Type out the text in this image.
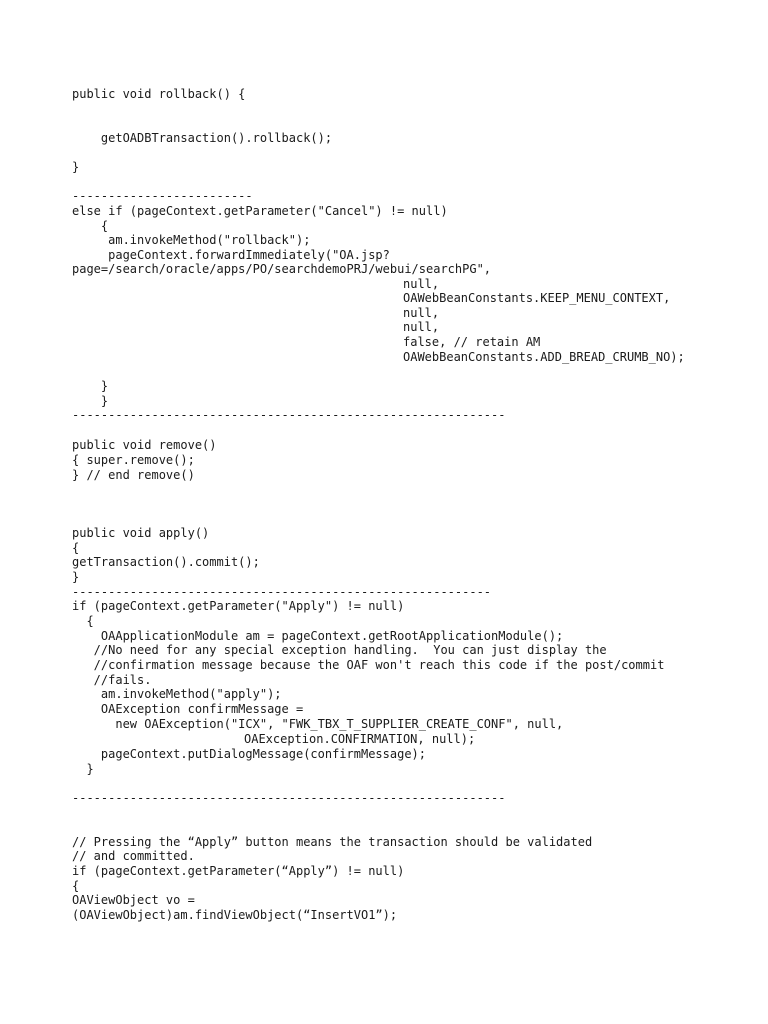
public void rollback() {
getOADBTransaction().rollback();
}
-------------------------
else if (pageContext.getParameter("Cancel") != null)
{
am.invokeMethod("rollback");
pageContext.forwardImmediately("OA.jsp?
page=/search/oracle/apps/PO/searchdemoPRJ/webui/searchPG",
null,
OAWebBeanConstants.KEEP_MENU_CONTEXT,
null,
null,
false, // retain AM
OAWebBeanConstants.ADD_BREAD_CRUMB_NO);
}
}
------------------------------------------------------------
public void remove()
{ super.remove();
} // end remove()
public void apply()
{
getTransaction().commit();
}
----------------------------------------------------------
if (pageContext.getParameter("Apply") != null)
{
OAApplicationModule am = pageContext.getRootApplicationModule();
//No need for any special exception handling.  You can just display the
//confirmation message because the OAF won't reach this code if the post/commit
//fails.
am.invokeMethod("apply");
OAException confirmMessage =
new OAException("ICX", "FWK_TBX_T_SUPPLIER_CREATE_CONF", null,
OAException.CONFIRMATION, null);
pageContext.putDialogMessage(confirmMessage);
}
------------------------------------------------------------
// Pressing the “Apply” button means the transaction should be validated
// and committed.
if (pageContext.getParameter(“Apply”) != null)
{
OAViewObject vo =
(OAViewObject)am.findViewObject(“InsertVO1”);
